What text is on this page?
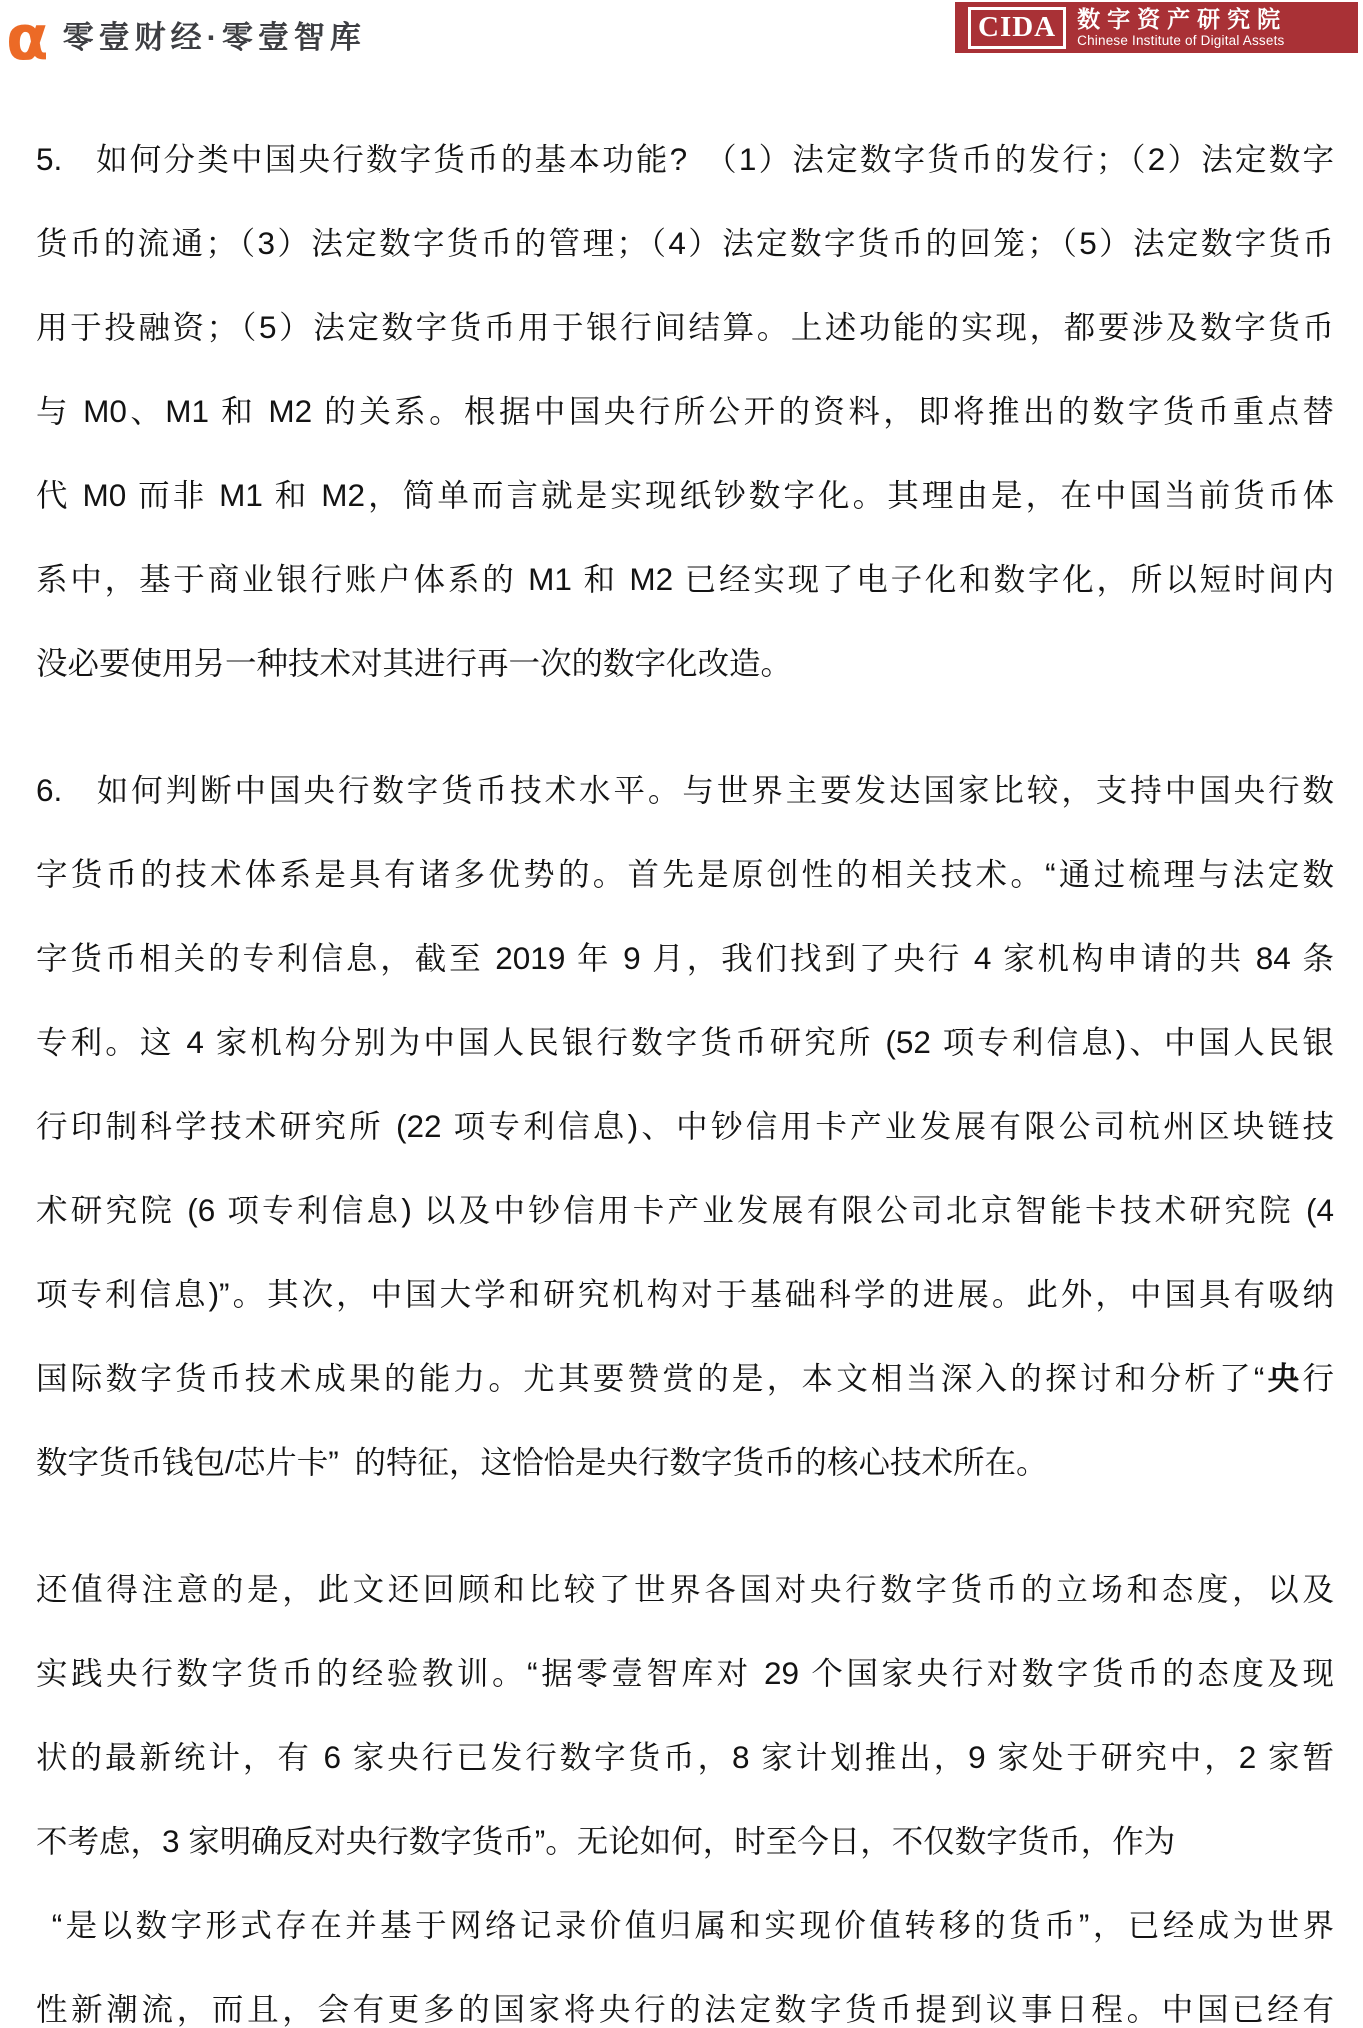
α 零壹财经·零壹智库	CIDA 数字资产研究院
Chinese Institute of Digital Assets
5. 如何分类中国央行数字货币的基本功能? （1）法定数字货币的发行；（2）法定数字
货币的流通；（3）法定数字货币的管理；（4）法定数字货币的回笼；（5）法定数字货币
用于投融资；（5）法定数字货币用于银行间结算。上述功能的实现，都要涉及数字货币
与 M0、M1 和 M2 的关系。根据中国央行所公开的资料，即将推出的数字货币重点替
代 M0 而非 M1 和 M2，简单而言就是实现纸钞数字化。其理由是，在中国当前货币体
系中，基于商业银行账户体系的 M1 和 M2 已经实现了电子化和数字化，所以短时间内
没必要使用另一种技术对其进行再一次的数字化改造。
6. 如何判断中国央行数字货币技术水平。与世界主要发达国家比较，支持中国央行数
字货币的技术体系是具有诸多优势的。首先是原创性的相关技术。“通过梳理与法定数
字货币相关的专利信息，截至 2019 年 9 月，我们找到了央行 4 家机构申请的共 84 条
专利。这 4 家机构分别为中国人民银行数字货币研究所 (52 项专利信息)、中国人民银
行印制科学技术研究所 (22 项专利信息)、中钞信用卡产业发展有限公司杭州区块链技
术研究院 (6 项专利信息) 以及中钞信用卡产业发展有限公司北京智能卡技术研究院 (4
项专利信息)”。其次，中国大学和研究机构对于基础科学的进展。此外，中国具有吸纳
国际数字货币技术成果的能力。尤其要赞赏的是，本文相当深入的探讨和分析了“央行
数字货币钱包/芯片卡” 的特征，这恰恰是央行数字货币的核心技术所在。
还值得注意的是，此文还回顾和比较了世界各国对央行数字货币的立场和态度，以及
实践央行数字货币的经验教训。“据零壹智库对 29 个国家央行对数字货币的态度及现
状的最新统计，有 6 家央行已发行数字货币，8 家计划推出，9 家处于研究中，2 家暂
不考虑，3 家明确反对央行数字货币”。无论如何，时至今日，不仅数字货币，作为
 “是以数字形式存在并基于网络记录价值归属和实现价值转移的货币”，已经成为世界
性新潮流，而且，会有更多的国家将央行的法定数字货币提到议事日程。中国已经有
